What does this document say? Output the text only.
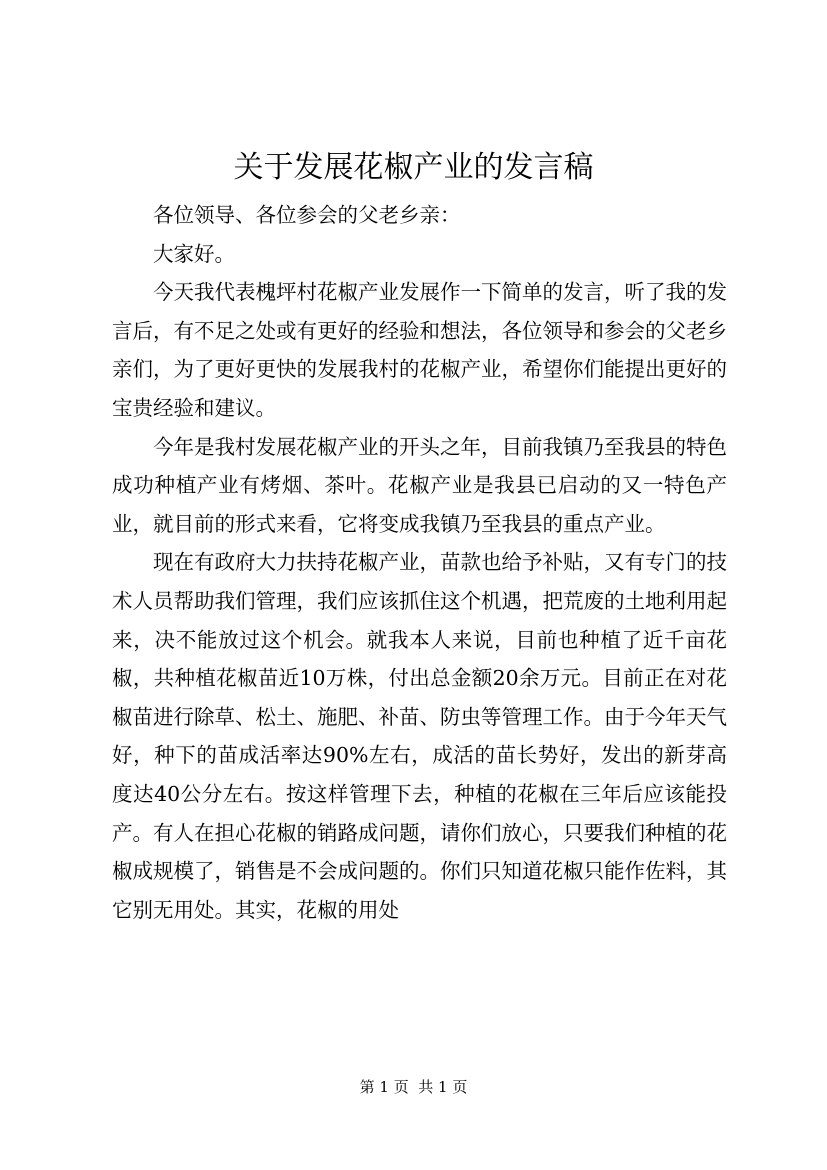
关于发展花椒产业的发言稿

各位领导、各位参会的父老乡亲：

大家好。

今天我代表槐坪村花椒产业发展作一下简单的发言，听了我的发言后，有不足之处或有更好的经验和想法，各位领导和参会的父老乡亲们，为了更好更快的发展我村的花椒产业，希望你们能提出更好的宝贵经验和建议。

今年是我村发展花椒产业的开头之年，目前我镇乃至我县的特色成功种植产业有烤烟、茶叶。花椒产业是我县已启动的又一特色产业，就目前的形式来看，它将变成我镇乃至我县的重点产业。

现在有政府大力扶持花椒产业，苗款也给予补贴，又有专门的技术人员帮助我们管理，我们应该抓住这个机遇，把荒废的土地利用起来，决不能放过这个机会。就我本人来说，目前也种植了近千亩花椒，共种植花椒苗近10万株，付出总金额20余万元。目前正在对花椒苗进行除草、松土、施肥、补苗、防虫等管理工作。由于今年天气好，种下的苗成活率达90%左右，成活的苗长势好，发出的新芽高度达40公分左右。按这样管理下去，种植的花椒在三年后应该能投产。有人在担心花椒的销路成问题，请你们放心，只要我们种植的花椒成规模了，销售是不会成问题的。你们只知道花椒只能作佐料，其它别无用处。其实，花椒的用处

第 1 页  共 1 页
